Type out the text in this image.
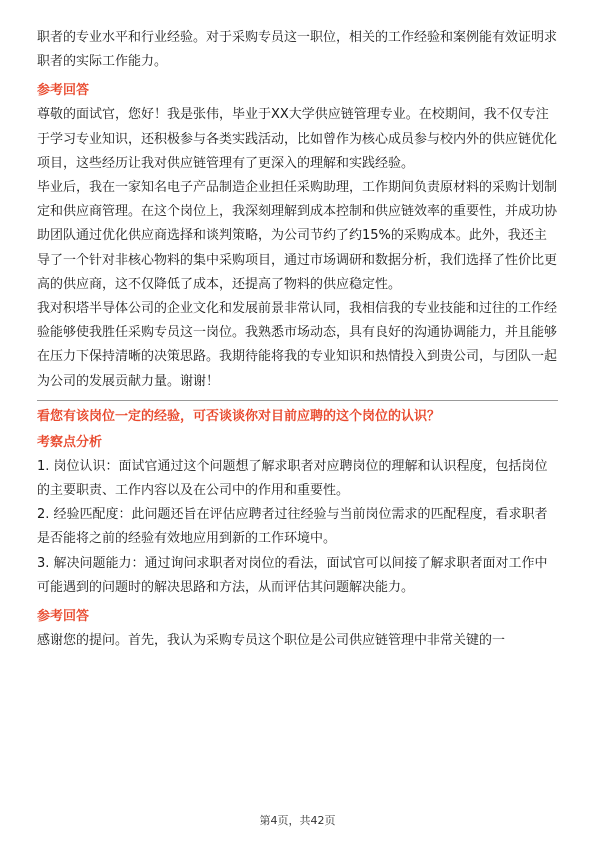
职者的专业水平和行业经验。对于采购专员这一职位，相关的工作经验和案例能有效证明求职者的实际工作能力。

参考回答

尊敬的面试官，您好！我是张伟，毕业于XX大学供应链管理专业。在校期间，我不仅专注于学习专业知识，还积极参与各类实践活动，比如曾作为核心成员参与校内外的供应链优化项目，这些经历让我对供应链管理有了更深入的理解和实践经验。

毕业后，我在一家知名电子产品制造企业担任采购助理，工作期间负责原材料的采购计划制定和供应商管理。在这个岗位上，我深刻理解到成本控制和供应链效率的重要性，并成功协助团队通过优化供应商选择和谈判策略，为公司节约了约15%的采购成本。此外，我还主导了一个针对非核心物料的集中采购项目，通过市场调研和数据分析，我们选择了性价比更高的供应商，这不仅降低了成本，还提高了物料的供应稳定性。

我对积塔半导体公司的企业文化和发展前景非常认同，我相信我的专业技能和过往的工作经验能够使我胜任采购专员这一岗位。我熟悉市场动态，具有良好的沟通协调能力，并且能够在压力下保持清晰的决策思路。我期待能将我的专业知识和热情投入到贵公司，与团队一起为公司的发展贡献力量。谢谢！

看您有该岗位一定的经验，可否谈谈你对目前应聘的这个岗位的认识？
考察点分析

1. 岗位认识：面试官通过这个问题想了解求职者对应聘岗位的理解和认识程度，包括岗位的主要职责、工作内容以及在公司中的作用和重要性。

2. 经验匹配度：此问题还旨在评估应聘者过往经验与当前岗位需求的匹配程度，看求职者是否能将之前的经验有效地应用到新的工作环境中。

3. 解决问题能力：通过询问求职者对岗位的看法，面试官可以间接了解求职者面对工作中可能遇到的问题时的解决思路和方法，从而评估其问题解决能力。

参考回答

感谢您的提问。首先，我认为采购专员这个职位是公司供应链管理中非常关键的一

第4页，共42页
